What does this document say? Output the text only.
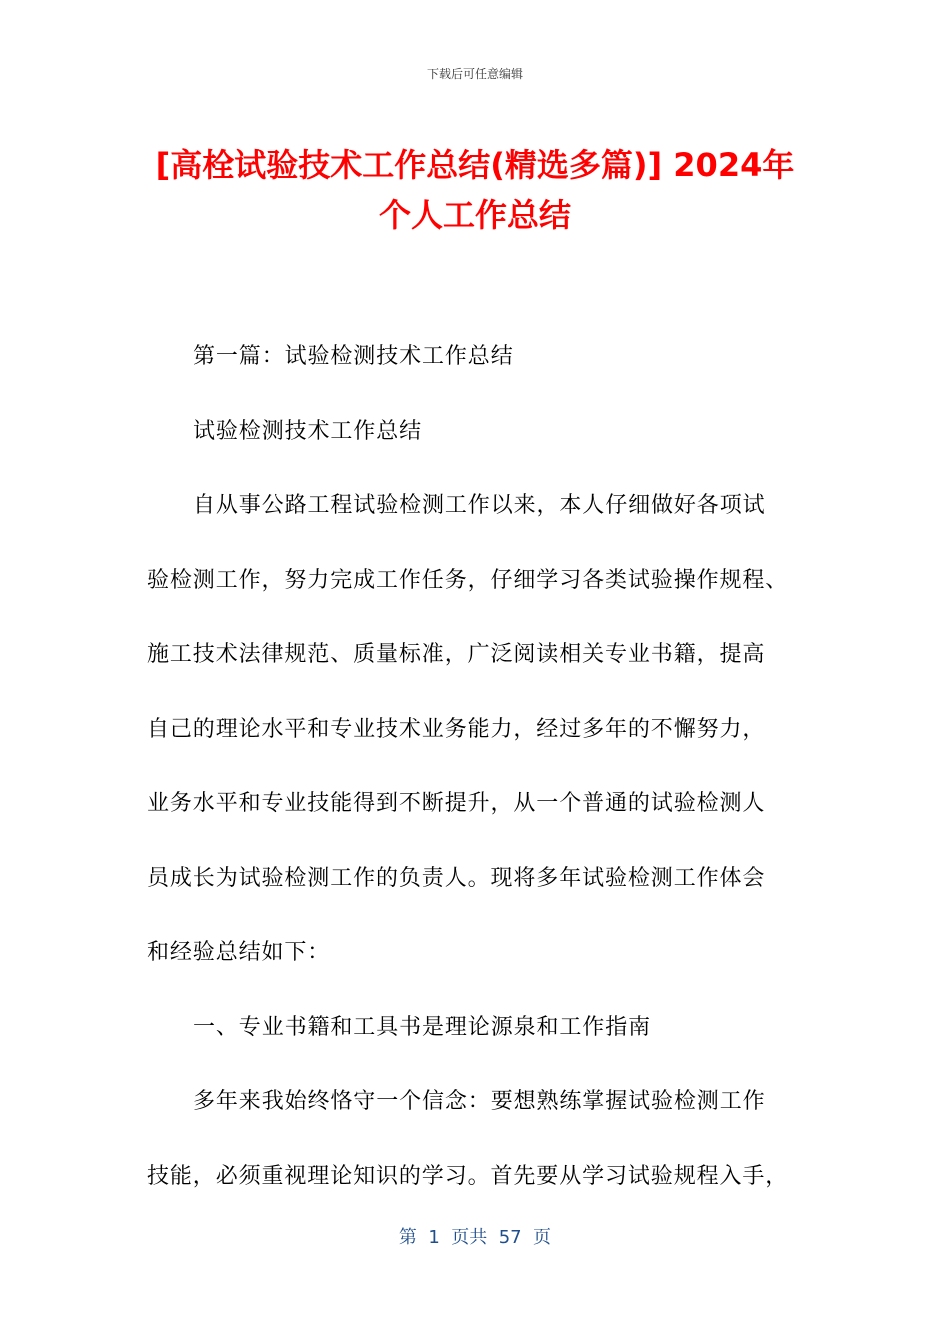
下载后可任意编辑
[高栓试验技术工作总结(精选多篇)] 2024年
个人工作总结

第一篇：试验检测技术工作总结

试验检测技术工作总结

自从事公路工程试验检测工作以来，本人仔细做好各项试

验检测工作，努力完成工作任务，仔细学习各类试验操作规程、

施工技术法律规范、质量标准，广泛阅读相关专业书籍，提高

自己的理论水平和专业技术业务能力，经过多年的不懈努力，

业务水平和专业技能得到不断提升，从一个普通的试验检测人

员成长为试验检测工作的负责人。现将多年试验检测工作体会

和经验总结如下：

一、专业书籍和工具书是理论源泉和工作指南

多年来我始终恪守一个信念：要想熟练掌握试验检测工作

技能，必须重视理论知识的学习。首先要从学习试验规程入手，

第  1  页共  57  页
